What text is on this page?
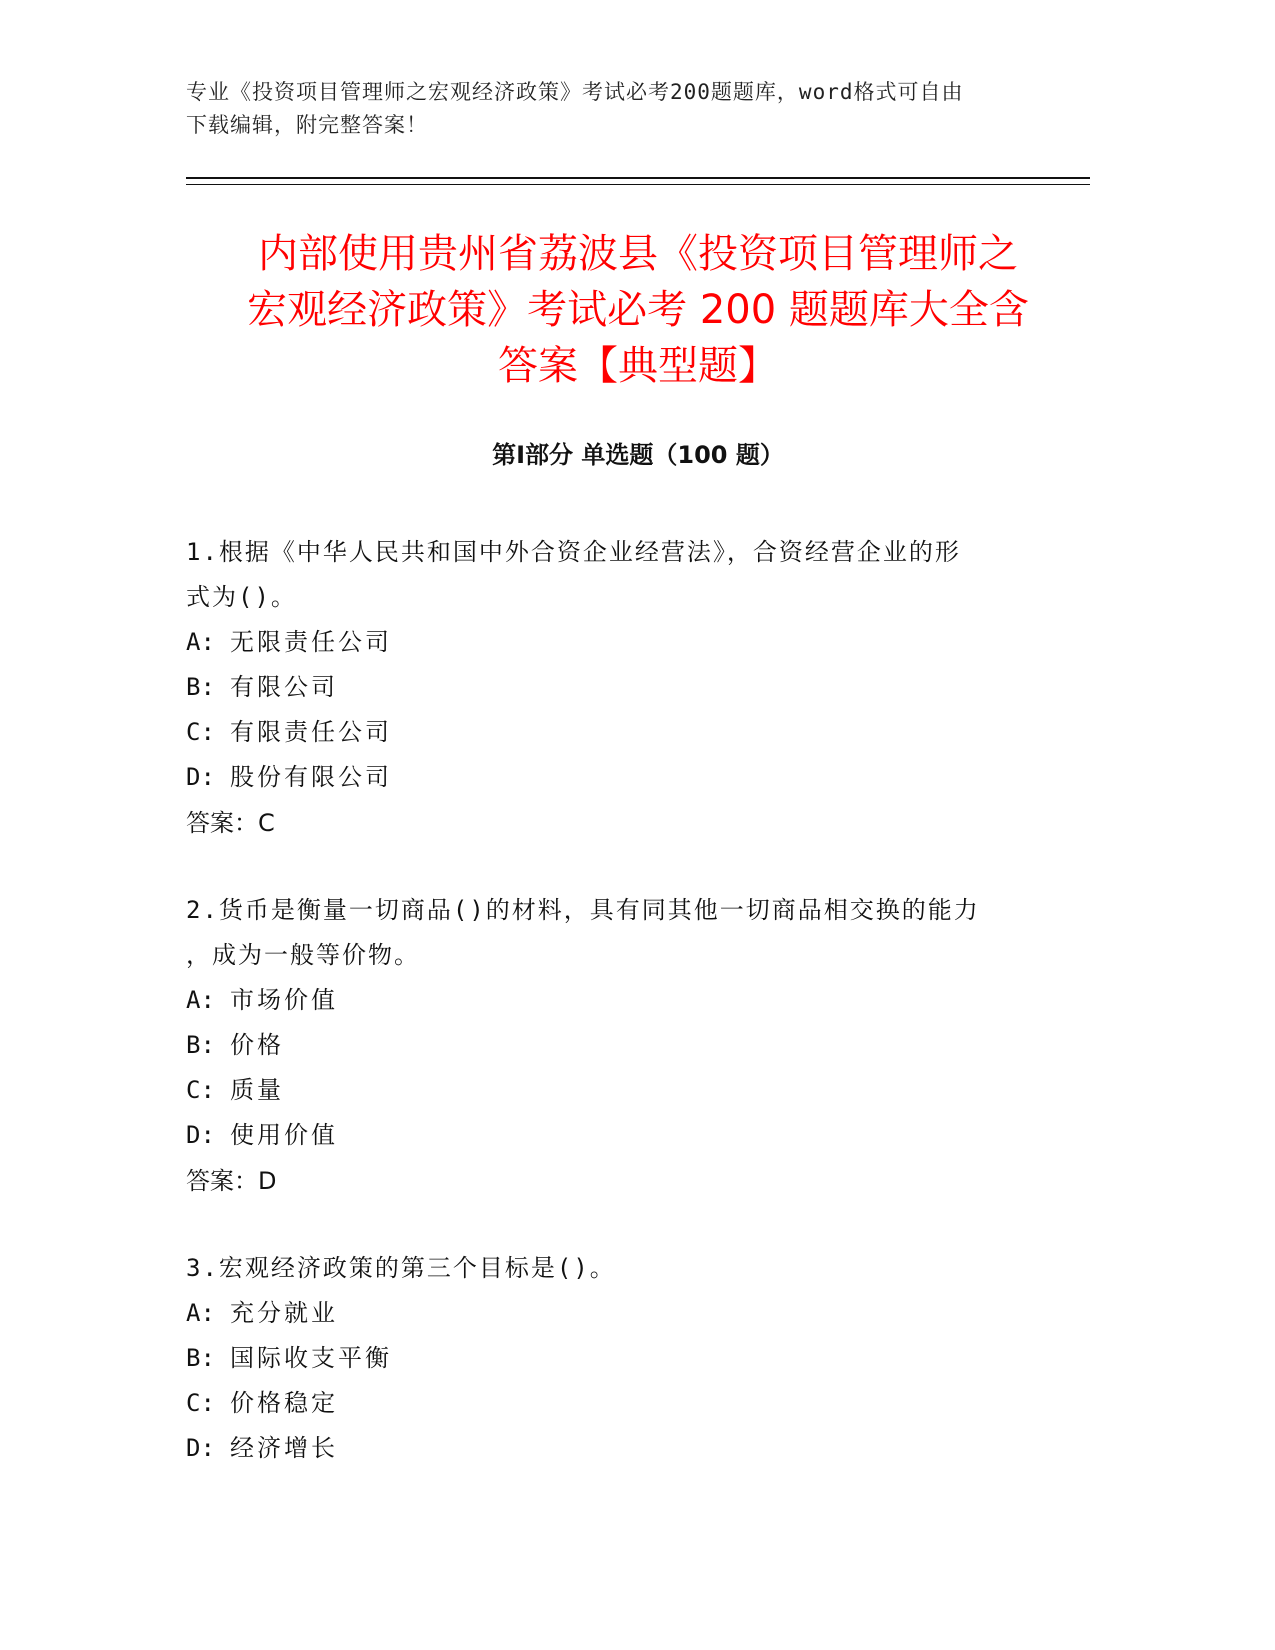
专业《投资项目管理师之宏观经济政策》考试必考200题题库，word格式可自由
下载编辑，附完整答案！
内部使用贵州省荔波县《投资项目管理师之
宏观经济政策》考试必考 200 题题库大全含
答案【典型题】
第Ⅰ部分 单选题（100 题）

1.根据《中华人民共和国中外合资企业经营法》，合资经营企业的形
式为()。

A: 无限责任公司

B: 有限公司

C: 有限责任公司

D: 股份有限公司

答案：C

2.货币是衡量一切商品()的材料，具有同其他一切商品相交换的能力
，成为一般等价物。

A: 市场价值

B: 价格

C: 质量

D: 使用价值

答案：D

3.宏观经济政策的第三个目标是()。

A: 充分就业

B: 国际收支平衡

C: 价格稳定

D: 经济增长
